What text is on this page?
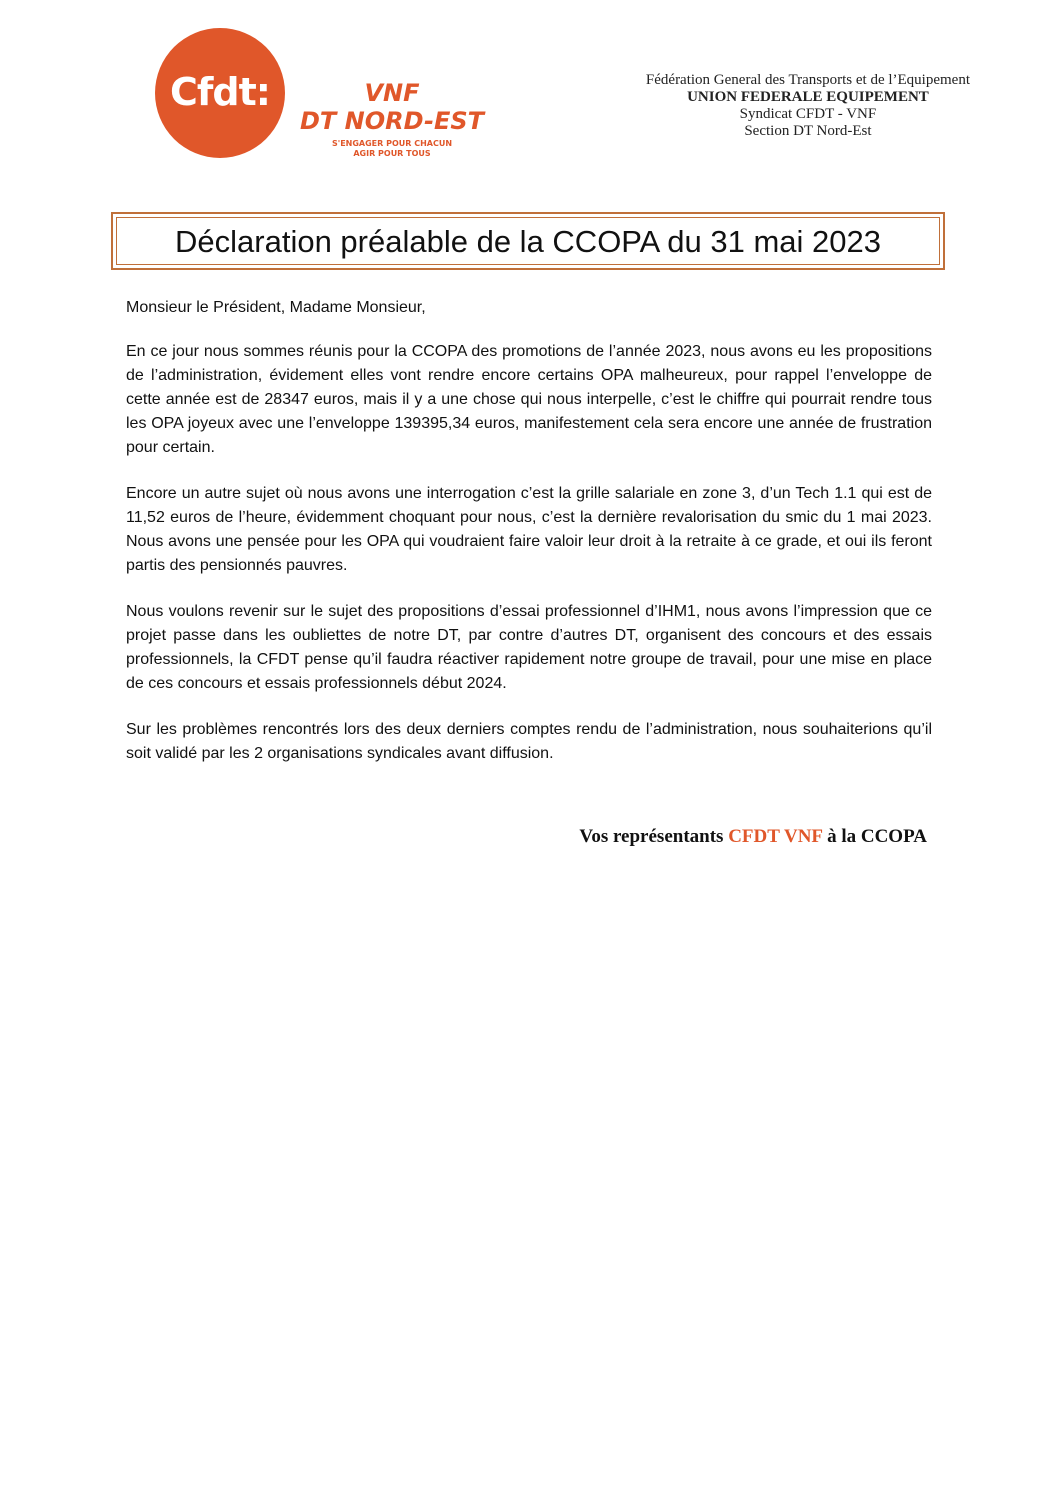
Cfdt:	VNF
DT NORD-EST
S'ENGAGER POUR CHACUN
AGIR POUR TOUS
Fédération General des Transports et de l’Equipement
UNION FEDERALE EQUIPEMENT
Syndicat CFDT - VNF
Section DT Nord-Est
Déclaration préalable de la CCOPA du 31 mai 2023

Monsieur le Président, Madame Monsieur,

En ce jour nous sommes réunis pour la CCOPA des promotions de l’année 2023, nous avons eu les propositions de l’administration, évidement elles vont rendre encore certains OPA malheureux, pour rappel l’enveloppe de cette année est de 28347 euros, mais il y a une chose qui nous interpelle, c’est le chiffre qui pourrait rendre tous les OPA joyeux avec une l’enveloppe 139395,34 euros, manifestement cela sera encore une année de frustration pour certain.

Encore un autre sujet où nous avons une interrogation c’est la grille salariale en zone 3, d’un Tech 1.1 qui est de 11,52 euros de l’heure, évidemment choquant pour nous, c’est la dernière revalorisation du smic du 1 mai 2023. Nous avons une pensée pour les OPA qui voudraient faire valoir leur droit à la retraite à ce grade, et oui ils feront partis des pensionnés pauvres.

Nous voulons revenir sur le sujet des propositions d’essai professionnel d’IHM1, nous avons l’impression que ce projet passe dans les oubliettes de notre DT, par contre d’autres DT, organisent des concours et des essais professionnels, la CFDT pense qu’il faudra réactiver rapidement notre groupe de travail, pour une mise en place de ces concours et essais professionnels début 2024.

Sur les problèmes rencontrés lors des deux derniers comptes rendu de l’administration, nous souhaiterions qu’il soit validé par les 2 organisations syndicales avant diffusion.

Vos représentants CFDT VNF à la CCOPA
